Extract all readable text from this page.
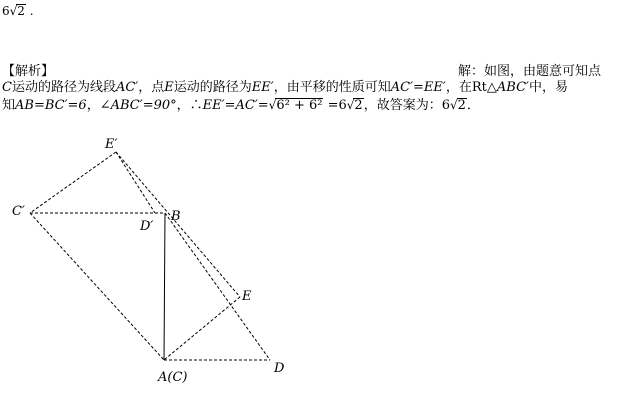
6√2 .
【解析】	解：如图，由题意可知点
C运动的路径为线段AC′，点E运动的路径为EE′，由平移的性质可知AC′=EE′，在Rt△ABC′中，易
知AB=BC′=6，∠ABC′=90°，∴EE′=AC′=√6² + 6² =6√2，故答案为：6√2．
E′
C′
D′
B
E
D
A(C)
